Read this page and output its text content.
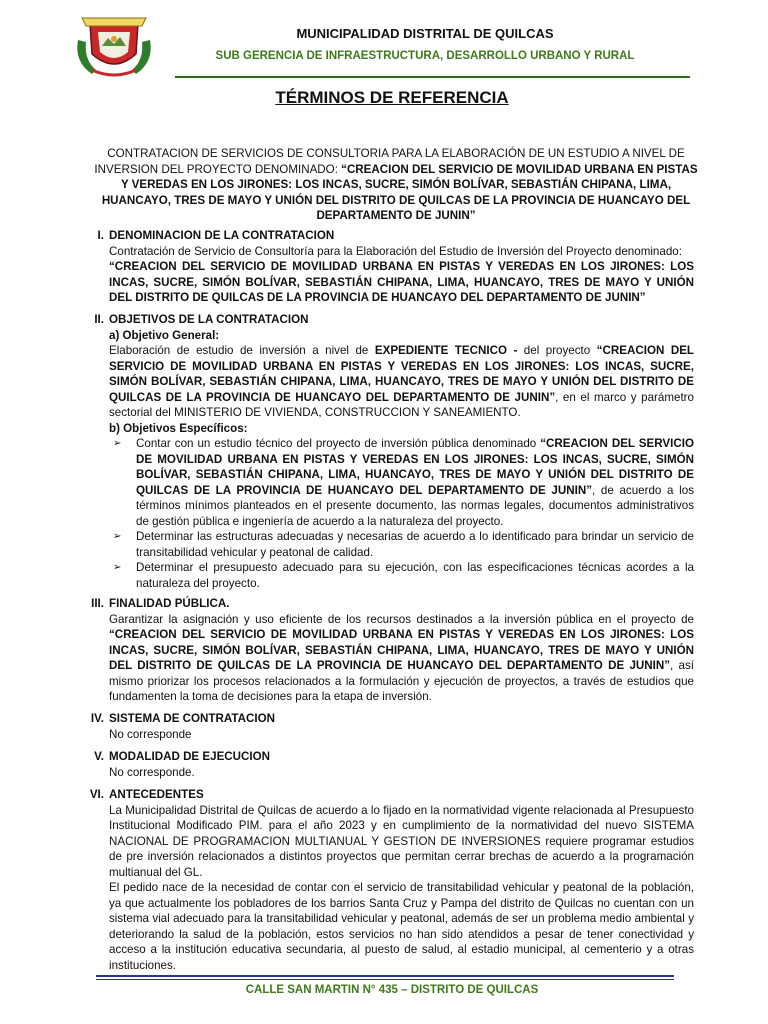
MUNICIPALIDAD DISTRITAL DE QUILCAS
SUB GERENCIA DE INFRAESTRUCTURA, DESARROLLO URBANO Y RURAL
TÉRMINOS DE REFERENCIA
CONTRATACION DE SERVICIOS DE CONSULTORIA PARA LA ELABORACIÓN DE UN ESTUDIO A NIVEL DE INVERSION DEL PROYECTO DENOMINADO: “CREACION DEL SERVICIO DE MOVILIDAD URBANA EN PISTAS Y VEREDAS EN LOS JIRONES: LOS INCAS, SUCRE, SIMÓN BOLÍVAR, SEBASTIÁN CHIPANA, LIMA, HUANCAYO, TRES DE MAYO Y UNIÓN DEL DISTRITO DE QUILCAS DE LA PROVINCIA DE HUANCAYO DEL DEPARTAMENTO DE JUNIN”
I. DENOMINACION DE LA CONTRATACION
Contratación de Servicio de Consultoría para la Elaboración del Estudio de Inversión del Proyecto denominado:
“CREACION DEL SERVICIO DE MOVILIDAD URBANA EN PISTAS Y VEREDAS EN LOS JIRONES: LOS INCAS, SUCRE, SIMÓN BOLÍVAR, SEBASTIÁN CHIPANA, LIMA, HUANCAYO, TRES DE MAYO Y UNIÓN DEL DISTRITO DE QUILCAS DE LA PROVINCIA DE HUANCAYO DEL DEPARTAMENTO DE JUNIN”
II. OBJETIVOS DE LA CONTRATACION
a) Objetivo General:
Elaboración de estudio de inversión a nivel de EXPEDIENTE TECNICO - del proyecto “CREACION DEL SERVICIO DE MOVILIDAD URBANA EN PISTAS Y VEREDAS EN LOS JIRONES: LOS INCAS, SUCRE, SIMÓN BOLÍVAR, SEBASTIÁN CHIPANA, LIMA, HUANCAYO, TRES DE MAYO Y UNIÓN DEL DISTRITO DE QUILCAS DE LA PROVINCIA DE HUANCAYO DEL DEPARTAMENTO DE JUNIN”, en el marco y parámetro sectorial del MINISTERIO DE VIVIENDA, CONSTRUCCION Y SANEAMIENTO.
b) Objetivos Específicos:
➢ Contar con un estudio técnico del proyecto de inversión pública denominado “CREACION DEL SERVICIO DE MOVILIDAD URBANA EN PISTAS Y VEREDAS EN LOS JIRONES: LOS INCAS, SUCRE, SIMÓN BOLÍVAR, SEBASTIÁN CHIPANA, LIMA, HUANCAYO, TRES DE MAYO Y UNIÓN DEL DISTRITO DE QUILCAS DE LA PROVINCIA DE HUANCAYO DEL DEPARTAMENTO DE JUNIN”, de acuerdo a los términos mínimos planteados en el presente documento, las normas legales, documentos administrativos de gestión pública e ingeniería de acuerdo a la naturaleza del proyecto.
➢ Determinar las estructuras adecuadas y necesarias de acuerdo a lo identificado para brindar un servicio de transitabilidad vehicular y peatonal de calidad.
➢ Determinar el presupuesto adecuado para su ejecución, con las especificaciones técnicas acordes a la naturaleza del proyecto.
III. FINALIDAD PÚBLICA.
Garantizar la asignación y uso eficiente de los recursos destinados a la inversión pública en el proyecto de “CREACION DEL SERVICIO DE MOVILIDAD URBANA EN PISTAS Y VEREDAS EN LOS JIRONES: LOS INCAS, SUCRE, SIMÓN BOLÍVAR, SEBASTIÁN CHIPANA, LIMA, HUANCAYO, TRES DE MAYO Y UNIÓN DEL DISTRITO DE QUILCAS DE LA PROVINCIA DE HUANCAYO DEL DEPARTAMENTO DE JUNIN”, así mismo priorizar los procesos relacionados a la formulación y ejecución de proyectos, a través de estudios que fundamenten la toma de decisiones para la etapa de inversión.
IV. SISTEMA DE CONTRATACION
No corresponde
V. MODALIDAD DE EJECUCION
No corresponde.
VI. ANTECEDENTES
La Municipalidad Distrital de Quilcas de acuerdo a lo fijado en la normatividad vigente relacionada al Presupuesto Institucional Modificado PIM. para el año 2023 y en cumplimiento de la normatividad del nuevo SISTEMA NACIONAL DE PROGRAMACION MULTIANUAL Y GESTION DE INVERSIONES requiere programar estudios de pre inversión relacionados a distintos proyectos que permitan cerrar brechas de acuerdo a la programación multianual del GL.
El pedido nace de la necesidad de contar con el servicio de transitabilidad vehicular y peatonal de la población, ya que actualmente los pobladores de los barrios Santa Cruz y Pampa del distrito de Quilcas no cuentan con un sistema vial adecuado para la transitabilidad vehicular y peatonal, además de ser un problema medio ambiental y deteriorando la salud de la población, estos servicios no han sido atendidos a pesar de tener conectividad y acceso a la institución educativa secundaria, al puesto de salud, al estadio municipal, al cementerio y a otras instituciones.
CALLE SAN MARTIN N° 435 – DISTRITO DE QUILCAS
